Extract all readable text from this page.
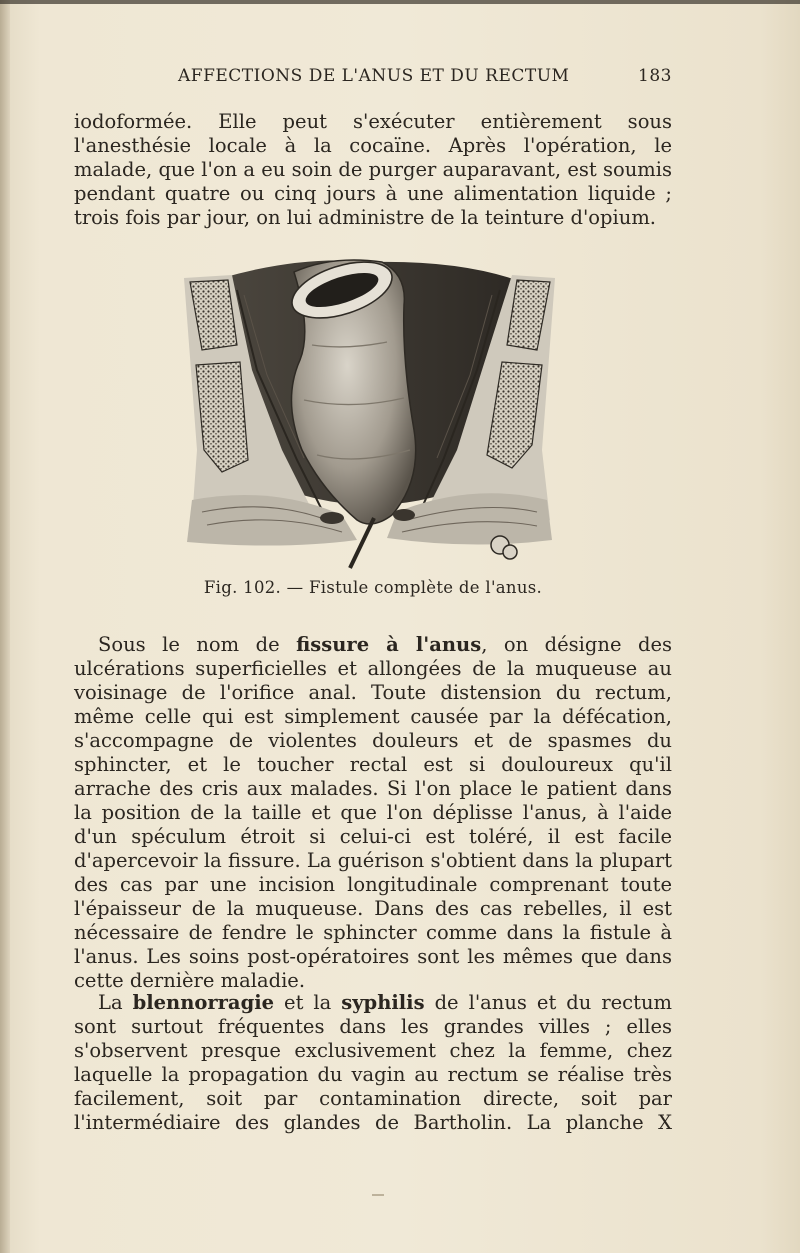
AFFECTIONS DE L'ANUS ET DU RECTUM	183

iodoformée. Elle peut s'exécuter entièrement sous l'anesthésie locale à la cocaïne. Après l'opération, le malade, que l'on a eu soin de purger auparavant, est soumis pendant quatre ou cinq jours à une alimentation liquide ; trois fois par jour, on lui administre de la teinture d'opium.

Fig. 102. — Fistule complète de l'anus.

Sous le nom de fissure à l'anus, on désigne des ulcérations superficielles et allongées de la muqueuse au voisinage de l'orifice anal. Toute distension du rectum, même celle qui est simplement causée par la défécation, s'accompagne de violentes douleurs et de spasmes du sphincter, et le toucher rectal est si douloureux qu'il arrache des cris aux malades. Si l'on place le patient dans la position de la taille et que l'on déplisse l'anus, à l'aide d'un spéculum étroit si celui-ci est toléré, il est facile d'apercevoir la fissure. La guérison s'obtient dans la plupart des cas par une incision longitudinale comprenant toute l'épaisseur de la muqueuse. Dans des cas rebelles, il est nécessaire de fendre le sphincter comme dans la fistule à l'anus. Les soins post-opératoires sont les mêmes que dans cette dernière maladie.

La blennorragie et la syphilis de l'anus et du rectum sont surtout fréquentes dans les grandes villes ; elles s'observent presque exclusivement chez la femme, chez laquelle la propagation du vagin au rectum se réalise très facilement, soit par contamination directe, soit par l'intermédiaire des glandes de Bartholin. La planche X
